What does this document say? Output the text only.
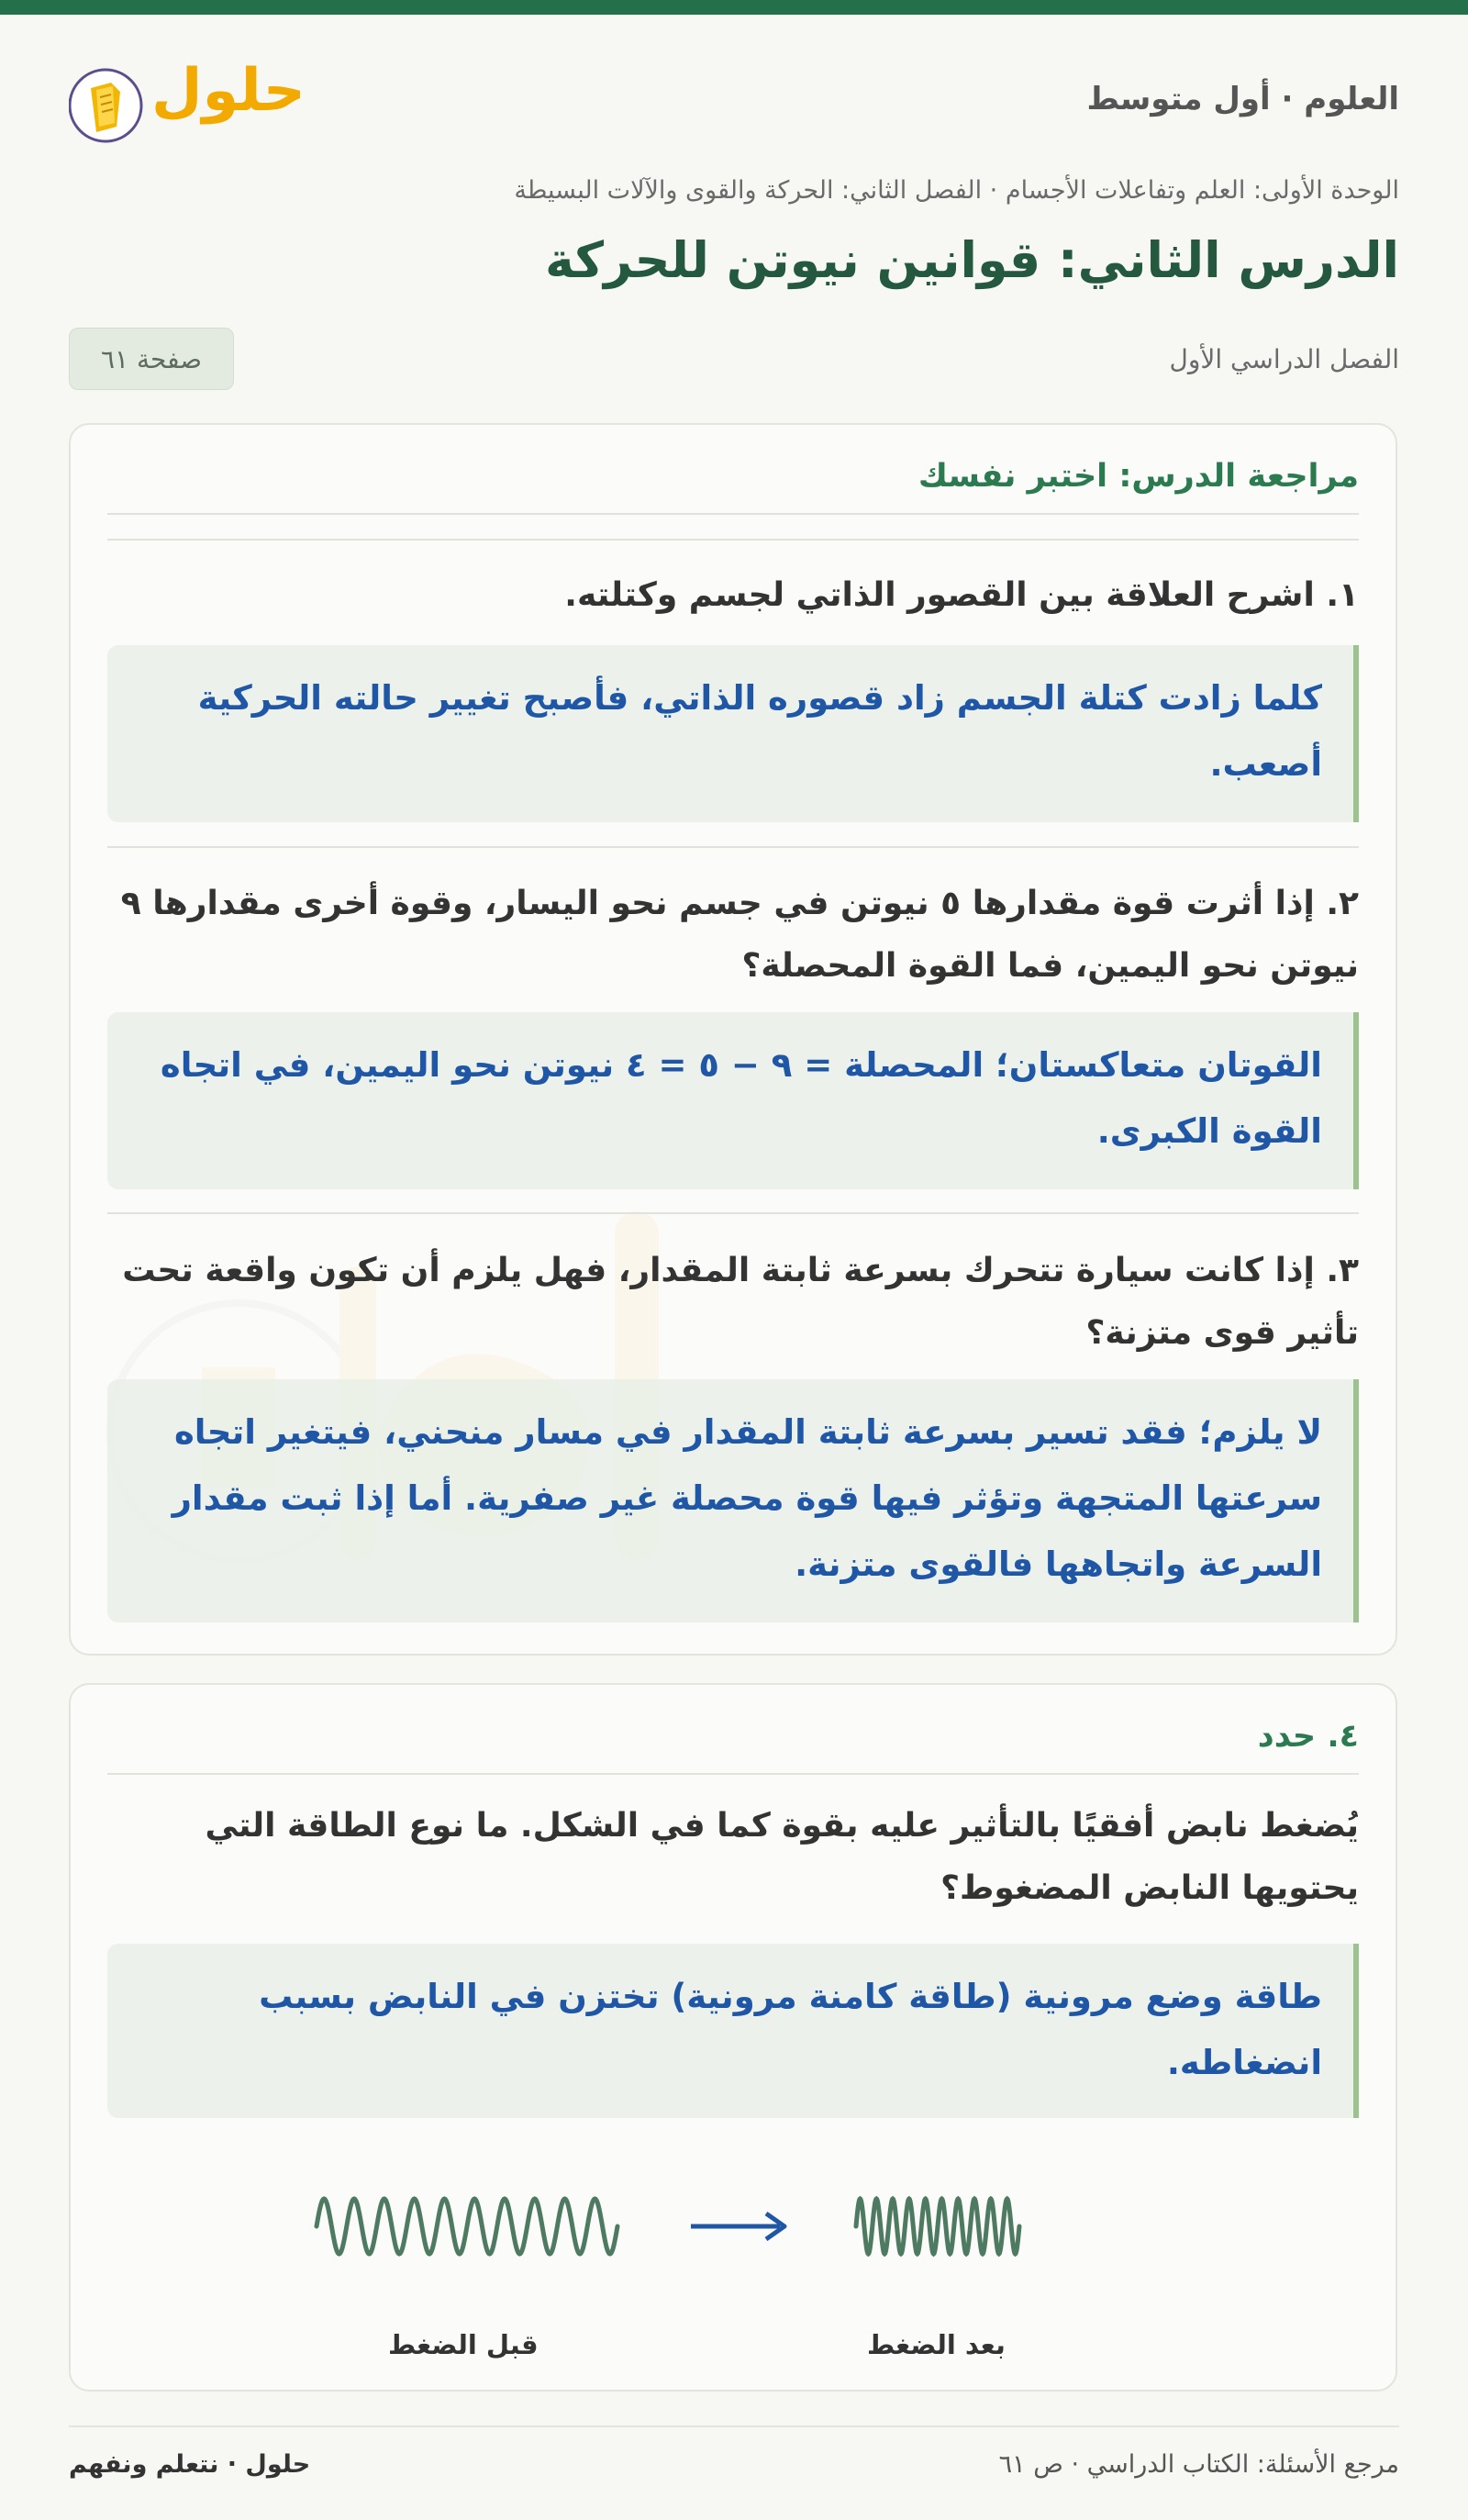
العلوم · أول متوسط
حلول
الوحدة الأولى: العلم وتفاعلات الأجسام · الفصل الثاني: الحركة والقوى والآلات البسيطة
الدرس الثاني: قوانين نيوتن للحركة
الفصل الدراسي الأول
صفحة ٦١
مراجعة الدرس: اختبر نفسك

١. اشرح العلاقة بين القصور الذاتي لجسم وكتلته.

كلما زادت كتلة الجسم زاد قصوره الذاتي، فأصبح تغيير حالته الحركية أصعب.

٢. إذا أثرت قوة مقدارها ٥ نيوتن في جسم نحو اليسار، وقوة أخرى مقدارها ٩ نيوتن نحو اليمين، فما القوة المحصلة؟

القوتان متعاكستان؛ المحصلة = ٩ − ٥ = ٤ نيوتن نحو اليمين، في اتجاه القوة الكبرى.

٣. إذا كانت سيارة تتحرك بسرعة ثابتة المقدار، فهل يلزم أن تكون واقعة تحت تأثير قوى متزنة؟

لا يلزم؛ فقد تسير بسرعة ثابتة المقدار في مسار منحني، فيتغير اتجاه سرعتها المتجهة وتؤثر فيها قوة محصلة غير صفرية. أما إذا ثبت مقدار السرعة واتجاهها فالقوى متزنة.

٤. حدد

يُضغط نابض أفقيًا بالتأثير عليه بقوة كما في الشكل. ما نوع الطاقة التي يحتويها النابض المضغوط؟

طاقة وضع مرونية (طاقة كامنة مرونية) تختزن في النابض بسبب انضغاطه.

قبل الضغط	بعد الضغط
مرجع الأسئلة: الكتاب الدراسي · ص ٦١
حلول · نتعلم ونفهم
